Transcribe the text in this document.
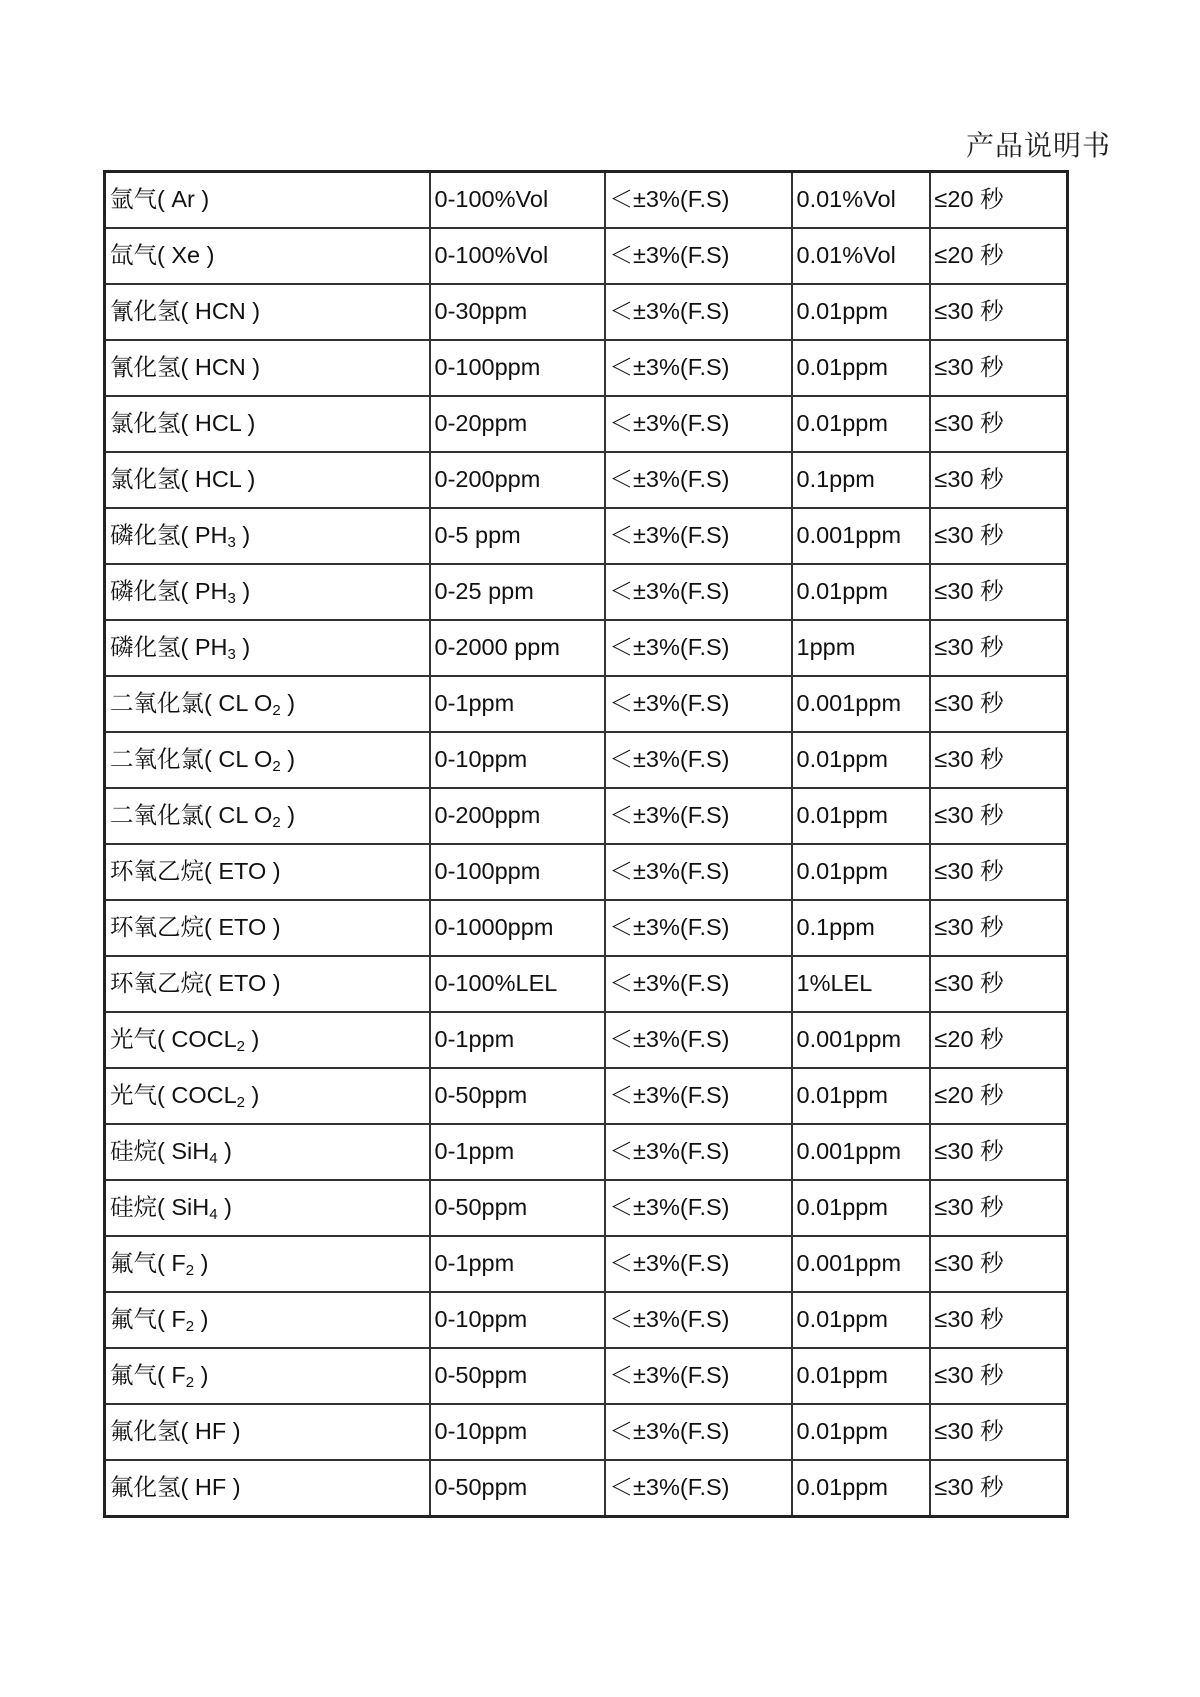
产品说明书
⸝
氩气( Ar )	0-100%Vol	＜±3%(F.S)	0.01%Vol	≤20 秒
氙气( Xe )	0-100%Vol	＜±3%(F.S)	0.01%Vol	≤20 秒
氰化氢( HCN )	0-30ppm	＜±3%(F.S)	0.01ppm	≤30 秒
氰化氢( HCN )	0-100ppm	＜±3%(F.S)	0.01ppm	≤30 秒
氯化氢( HCL )	0-20ppm	＜±3%(F.S)	0.01ppm	≤30 秒
氯化氢( HCL )	0-200ppm	＜±3%(F.S)	0.1ppm	≤30 秒
磷化氢( $PH_3$ )	0-5 ppm	＜±3%(F.S)	0.001ppm	≤30 秒
磷化氢( $PH_3$ )	0-25 ppm	＜±3%(F.S)	0.01ppm	≤30 秒
磷化氢( $PH_3$ )	0-2000 ppm	＜±3%(F.S)	1ppm	≤30 秒
二氧化氯( CL $O_2$ )	0-1ppm	＜±3%(F.S)	0.001ppm	≤30 秒
二氧化氯( CL $O_2$ )	0-10ppm	＜±3%(F.S)	0.01ppm	≤30 秒
二氧化氯( CL $O_2$ )	0-200ppm	＜±3%(F.S)	0.01ppm	≤30 秒
环氧乙烷( ETO )	0-100ppm	＜±3%(F.S)	0.01ppm	≤30 秒
环氧乙烷( ETO )	0-1000ppm	＜±3%(F.S)	0.1ppm	≤30 秒
环氧乙烷( ETO )	0-100%LEL	＜±3%(F.S)	1%LEL	≤30 秒
光气( $COCL_2$ )	0-1ppm	＜±3%(F.S)	0.001ppm	≤20 秒
光气( $COCL_2$ )	0-50ppm	＜±3%(F.S)	0.01ppm	≤20 秒
硅烷( SiH$_4$ )	0-1ppm	＜±3%(F.S)	0.001ppm	≤30 秒
硅烷( SiH$_4$ )	0-50ppm	＜±3%(F.S)	0.01ppm	≤30 秒
氟气( $F_2$ )	0-1ppm	＜±3%(F.S)	0.001ppm	≤30 秒
氟气( $F_2$ )	0-10ppm	＜±3%(F.S)	0.01ppm	≤30 秒
氟气( $F_2$ )	0-50ppm	＜±3%(F.S)	0.01ppm	≤30 秒
氟化氢( HF )	0-10ppm	＜±3%(F.S)	0.01ppm	≤30 秒
氟化氢( HF )	0-50ppm	＜±3%(F.S)	0.01ppm	≤30 秒
